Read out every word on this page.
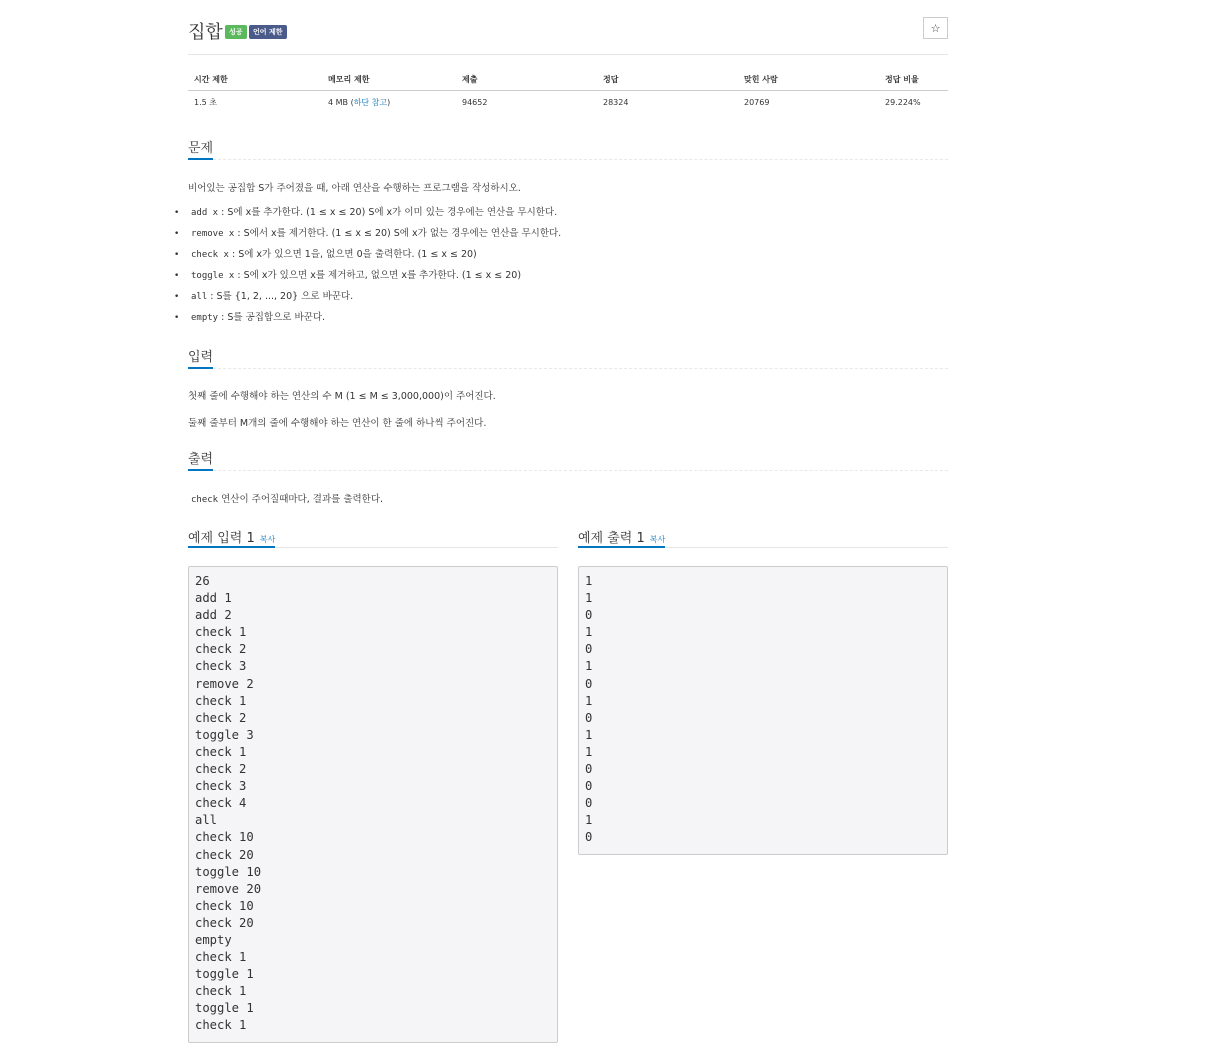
집합 성공	언어 제한	☆
시간 제한	메모리 제한	제출	정답	맞힌 사람	정답 비율
1.5 초	4 MB (하단 참고)	94652	28324	20769	29.224%
문제
비어있는 공집합 S가 주어졌을 때, 아래 연산을 수행하는 프로그램을 작성하시오.
• add x : S에 x를 추가한다. (1 ≤ x ≤ 20) S에 x가 이미 있는 경우에는 연산을 무시한다.
• remove x : S에서 x를 제거한다. (1 ≤ x ≤ 20) S에 x가 없는 경우에는 연산을 무시한다.
• check x : S에 x가 있으면 1을, 없으면 0을 출력한다. (1 ≤ x ≤ 20)
• toggle x : S에 x가 있으면 x를 제거하고, 없으면 x를 추가한다. (1 ≤ x ≤ 20)
• all : S를 {1, 2, ..., 20} 으로 바꾼다.
• empty : S를 공집합으로 바꾼다.
입력
첫째 줄에 수행해야 하는 연산의 수 M (1 ≤ M ≤ 3,000,000)이 주어진다.
둘째 줄부터 M개의 줄에 수행해야 하는 연산이 한 줄에 하나씩 주어진다.
출력
check 연산이 주어질때마다, 결과를 출력한다.
예제 입력 1 복사	예제 출력 1 복사
26
add 1
add 2
check 1
check 2
check 3
remove 2
check 1
check 2
toggle 3
check 1
check 2
check 3
check 4
all
check 10
check 20
toggle 10
remove 20
check 10
check 20
empty
check 1
toggle 1
check 1
toggle 1
check 1
1
1
0
1
0
1
0
1
0
1
1
0
0
0
1
0
